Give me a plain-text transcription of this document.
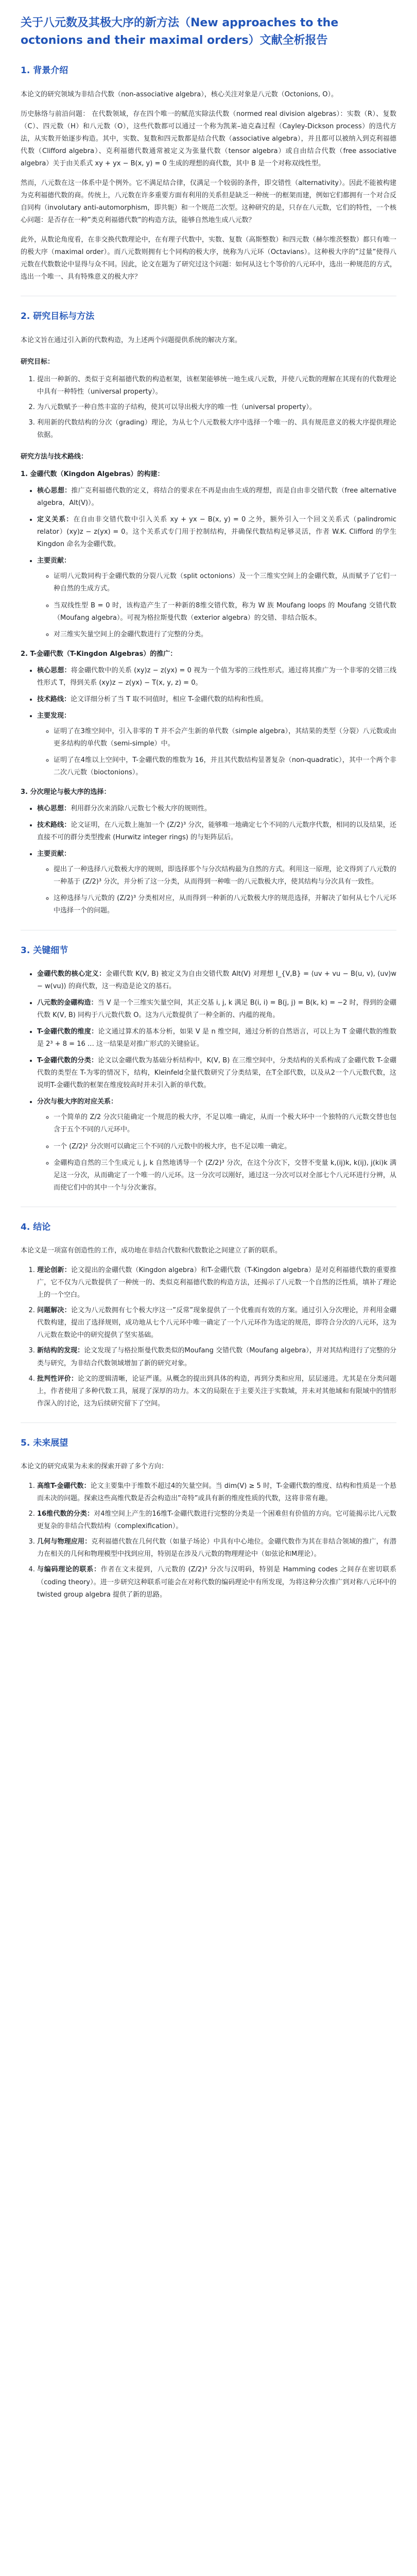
关于八元数及其极大序的新方法（New approaches to the octonions and their maximal orders）文献全析报告
1. 背景介绍

本论文的研究领域为非结合代数（non-associative algebra），核心关注对象是八元数（Octonions, O）。

历史脉络与前沿问题： 在代数领域，存在四个唯一的赋范实除法代数（normed real division algebras）：实数（R）、复数（C）、四元数（H）和八元数（O），这些代数都可以通过一个称为凯莱–迪克森过程（Cayley-Dickson process）的迭代方法，从实数开始逐步构造。其中，实数、复数和四元数都是结合代数（associative algebra），并且都可以被纳入到克利福德代数（Clifford algebra）、克利福德代数通常被定义为张量代数（tensor algebra）或自由结合代数（free associative algebra）关于由关系式 xy + yx − B(x, y) = 0 生成的理想的商代数，其中 B 是一个对称双线性型。

然而，八元数在这一体系中是个例外。它不满足结合律，仅满足一个较弱的条件，即交错性（alternativity）。因此不能被构建为克利福德代数的商。传统上，八元数在许多重要方面有利用的关系但是缺乏一种统一的框架而建，例如它们都拥有一个对合反自同构（involutary anti-automorphism，即共轭）和一个规范二次型。这种研究的是，只存在八元数，它们的特性，一个核心问题：是否存在一种”类克利福德代数”的构造方法，能够自然地生成八元数？

此外，从数论角度看，在非交换代数理论中，在有理子代数中，实数、复数（高斯整数）和四元数（赫尔维茨整数）都只有唯一的极大序（maximal order）。而八元数则拥有七个同构的极大序，统称为八元环（Octavians）。这种极大序的”过量”使得八元数在代数数论中显得与众不同。因此，论文在题为了研究过这个问题：如何从这七个等价的八元环中，选出一种规范的方式，选出一个唯一、具有特殊意义的极大序？

2. 研究目标与方法

本论文旨在通过引入新的代数构造，为上述两个问题提供系统的解决方案。

研究目标：
1. 提出一种新的、类似于克利福德代数的构造框架，该框架能够统一地生成八元数，并使八元数的理解在其现有的代数理论中具有一种特性（universal property）。
2. 为八元数赋予一种自然丰富的子结构，使其可以导出极大序的唯一性（universal property）。
3. 利用新的代数结构的分次（grading）理论，为从七个八元数极大序中选择一个唯一的、具有规范意义的极大序提供理论依据。
研究方法与技术路线：
1. 金硼代数（Kingdon Algebras）的构建：
• 核心思想：推广克利福德代数的定义，将结合的要求在不再是由由生成的理想，而是自由非交错代数（free alternative algebra，Alt(V)）。
• 定义关系：在自由非交错代数中引入关系 xy + yx − B(x, y) = 0 之外，额外引入一个回文关系式（palindromic relator）(xy)z − z(yx) = 0。这个关系式专门用于控制结构，并确保代数结构足够灵活，作者 W.K. Clifford 的学生 Kingdon 命名为金硼代数。
• 主要贡献：
◦ 证明八元数同构于金硼代数的分裂八元数（split octonions）及一个三维实空间上的金硼代数，从而赋予了它们一种自然的生成方式。
◦ 当双线性型 B = 0 时，该构造产生了一种新的8维交错代数，称为 W 族 Moufang loops 的 Moufang 交错代数（Moufang algebra）。可视为格拉斯曼代数（exterior algebra）的交错、非结合版本。
◦ 对三维实矢量空间上的金硼代数进行了完整的分类。
2. T-金硼代数（T-Kingdon Algebras）的推广：
• 核心思想：将金硼代数中的关系 (xy)z − z(yx) = 0 视为一个值为零的三线性形式。通过将其推广为一个非零的交错三线性形式 T，得到关系 (xy)z − z(yx) − T(x, y, z) = 0。
• 技术路线：论文详细分析了当 T 取不同值时，相应 T-金硼代数的结构和性质。
• 主要发现：
◦ 证明了在3维空间中，引入非零的 T 并不会产生新的单代数（simple algebra），其结果的类型（分裂）八元数或由更多结构的单代数（semi-simple）中。
◦ 证明了在4维以上空间中，T-金硼代数的维数为 16，并且其代数结构显著复杂（non-quadratic），其中一个两个非二次八元数（bioctonions）。
3. 分次理论与极大序的选择：
• 核心思想：利用群分次来消除八元数七个极大序的规则性。
• 技术路线：论文证明，在八元数上施加一个 (Z/2)³ 分次，能够唯一地确定七个不同的八元数序代数，相同的以及结果，还直接不可的群分类型搜索 (Hurwitz integer rings) 的与矩阵层后。
• 主要贡献：
◦ 提出了一种选择八元数极大序的规则，即选择那个与分次结构最为自然的方式。利用这一原理，论文得到了八元数的一种基于 (Z/2)³ 分次，并分析了这一分类，从而得到一种唯一的八元数极大序，使其结构与分次具有一致性。
◦ 这种选择与八元数的 (Z/2)³ 分类相对应，从而得到一种新的八元数极大序的规范选择，并解决了如何从七个八元环中选择一个的问题。
3. 关键细节
• 金硼代数的核心定义：金硼代数 K(V, B) 被定义为自由交错代数 Alt(V) 对理想 I_{V,B} = ⟨uv + vu − B(u, v), (uv)w − w(vu)⟩ 的商代数，这一构造是论文的基石。
• 八元数的金硼构造：当 V 是一个三维实矢量空间，其正交基 i, j, k 满足 B(i, i) = B(j, j) = B(k, k) = −2 时，得到的金硼代数 K(V, B) 同构于八元数代数 O。这为八元数提供了一种全新的、内蕴的视角。
• T-金硼代数的维度：论文通过算术的基本分析，如果 V 是 n 维空间，通过分析的自然语言，可以上为 T 金硼代数的维数是 2³ + 8 = 16 … 这一结果是对推广形式的关键验证。
• T-金硼代数的分类：论文以金硼代数为基础分析结构中，K(V, B) 在三维空间中，分类结构的关系构成了金硼代数 T-金硼代数的类型在 T-为零的情况下，结构，Kleinfeld全量代数研究了分类结果，在T全部代数，以及从2一个八元数代数，这说明T-金硼代数的框架在维度较高时并未引入新的单代数。
• 分次与极大序的对应关系：
◦ 一个简单的 Z/2 分次只能确定一个规范的极大序，不足以唯一确定，从而一个极大环中一个独特的八元数交替也包含于五个不同的八元环中。
◦ 一个 (Z/2)² 分次则可以确定三个不同的八元数中的极大序，也不足以唯一确定。
◦ 金硼构造自然的三个生成元 i, j, k 自然地诱导一个 (Z/2)³ 分次，在这个分次下，交替不变量 k,(ij)k, k(ij), j(ki)k 满足这一分次，从而确定了一个唯一的八元环。这一分次可以刚好，通过这一分次可以对全部七个八元环进行分辨，从而使它们中的其中一个与分次兼容。
4. 结论

本论文是一项富有创造性的工作，成功地在非结合代数和代数数论之间建立了新的联系。

1. 理论创新：论文提出的金硼代数（Kingdon algebra）和T-金硼代数（T-Kingdon algebra）是对克利福德代数的重要推广，它不仅为八元数提供了一种统一的、类似克利福德代数的构造方法，还揭示了八元数一个自然的泛性质，填补了理论上的一个空白。
2. 问题解决：论文为八元数拥有七个极大序这一”反常”现象提供了一个优雅而有效的方案。通过引入分次理论，并利用金硼代数构建，提出了选择规则，成功地从七个八元环中唯一确定了一个八元环作为选定的规范，即符合分次的八元环，这为八元数在数论中的研究提供了坚实基础。
3. 新结构的发现：论文发现了与格拉斯曼代数类似的Moufang 交错代数（Moufang algebra），并对其结构进行了完整的分类与研究，为非结合代数领域增加了新的研究对象。
4. 批判性评价：论文的逻辑清晰，论证严谨。从概念的提出到具体的构造，再到分类和应用，层层递进。尤其是在分类问题上，作者使用了多种代数工具，展现了深厚的功力。本文的局限在于主要关注于实数域，并未对其他域和有限域中的情形作深入的讨论，这为后续研究留下了空间。
5. 未来展望

本论文的研究成果为未来的探索开辟了多个方向：

1. 高维T-金硼代数：论文主要集中于维数不超过4的矢量空间。当 dim(V) ≥ 5 时，T-金硼代数的维度、结构和性质是一个悬而未决的问题。探索这些高维代数是否会构造出”奇特”或具有新的维度性质的代数，这将非常有趣。
2. 16维代数的分类：对4维空间上产生的16维T-金硼代数进行完整的分类是一个困难但有价值的方向。它可能揭示比八元数更复杂的非结合代数结构（complexification）。
3. 几何与物理应用：克利福德代数在几何代数（如量子场论）中具有中心地位。金硼代数作为其在非结合领域的推广，有潜力在相关的几何和物理模型中找到应用，特别是在涉及八元数的物理理论中（如弦论和M理论）。
4. 与编码理论的联系：作者在文末提到，八元数的 (Z/2)³ 分次与汉明码，特别是 Hamming codes 之间存在密切联系（coding theory）。进一步研究这种联系可能会在对称代数的编码理论中有所发现，为将这种分次推广到对称八元环中的 twisted group algebra 提供了新的思路。
